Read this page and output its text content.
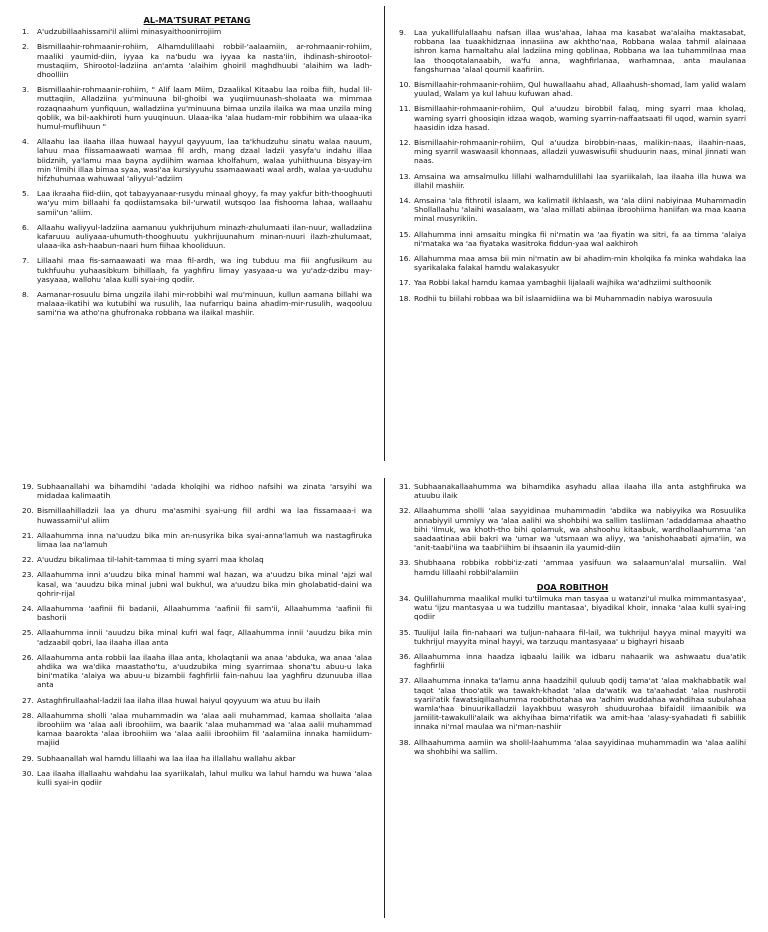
AL-MA'TSURAT PETANG
1.	A'udzubillaahissami'il aliimi minasyaithoonirrojiim
2.	Bismillaahir-rohmaanir-rohiim, Alhamdulillaahi robbil-'aalaamiin, ar-rohmaanir-rohiim, maaliki yaumid-diin, iyyaa ka na'budu wa iyyaa ka nasta'iin, ihdinash-shirootol-mustaqiim, Shirootol-ladziina an'amta 'alaihim ghoiril maghdhuubi 'alaihim wa ladh-dhoolliin
3.	Bismillaahir-rohmaanir-rohiim, " Alif laam Miim, Dzaalikal Kitaabu laa roiba fiih, hudal lil-muttaqiin, Alladziina yu'minuuna bil-ghoibi wa yuqiimuunash-sholaata wa mimmaa rozaqnaahum yunfiquun, walladziina yu'minuuna bimaa unzila ilaika wa maa unzila ming qoblik, wa bil-aakhiroti hum yuuqinuun. Ulaaa-ika 'alaa hudam-mir robbihim wa ulaaa-ika humul-muflihuun "
4.	Allaahu laa ilaaha illaa huwaal hayyul qayyuum, laa ta'khudzuhu sinatu walaa nauum, lahuu maa fiissamaawaati wamaa fil ardh, mang dzaal ladzii yasyfa'u indahu illaa biidznih, ya'lamu maa bayna aydiihim wamaa kholfahum, walaa yuhiithuuna bisyay-im min 'ilmihi illaa bimaa syaa, wasi'aa kursiyyuhu ssamaawaati waal ardh, walaa ya-uuduhu hifzhuhumaa wahuwaal 'aliyyul-'adziim
5.	Laa ikraaha fiid-diin, qot tabayyanaar-rusydu minaal ghoyy, fa may yakfur bith-thooghuuti wa'yu mim billaahi fa qodiistamsaka bil-'urwatil wutsqoo laa fishooma lahaa, wallaahu samii'un 'aliim.
6.	Allaahu waliyyul-ladziina aamanuu yukhrijuhum minazh-zhulumaati ilan-nuur, walladziina kafaruuu auliyaaa-uhumuth-thooghuutu yukhrijuunahum minan-nuuri ilazh-zhulumaat, ulaaa-ika ash-haabun-naari hum fiihaa khooliduun.
7.	Lillaahi maa fis-samaawaati wa maa fil-ardh, wa ing tubduu ma fiii angfusikum au tukhfuuhu yuhaasibkum bihillaah, fa yaghfiru limay yasyaaa-u wa yu'adz-dzibu may-yasyaaa, wallohu 'alaa kulli syai-ing qodiir.
8.	Aamanar-rosuulu bima ungzila ilahi mir-robbihi wal mu'minuun, kullun aamana billahi wa malaaa-ikatihi wa kutubihi wa rusulih, laa nufarriqu baina ahadim-mir-rusulih, waqooluu sami'na wa atho'na ghufronaka robbana wa ilaikal mashiir.
9.	Laa yukallifulallaahu nafsan illaa wus'ahaa, lahaa ma kasabat wa'alaiha maktasabat, robbana laa tuaakhidznaa innasiina aw akhtho'naa, Robbana walaa tahmil alainaaa ishron kama hamaltahu alal ladziina ming qoblinaa, Robbana wa laa tuhammilnaa maa laa thooqotalanaabih, wa'fu anna, waghfirlanaa, warhamnaa, anta maulanaa fangshurnaa 'alaal qoumil kaafiriin.
10. Bismillaahir-rohmaanir-rohiim, Qul huwallaahu ahad, Allaahush-shomad, lam yalid walam yuulad, Walam ya kul lahuu kufuwan ahad.
11. Bismillaahir-rohmaanir-rohiim, Qul a'uudzu birobbil falaq, ming syarri maa kholaq, waming syarri ghoosiqin idzaa waqob, waming syarrin-naffaatsaati fil uqod, wamin syarri haasidin idza hasad.
12. Bismillaahir-rohmaanir-rohiim, Qul a'uudza birobbin-naas, malikin-naas, ilaahin-naas, ming syarril waswaasil khonnaas, alladzii yuwaswisufii shuduurin naas, minal jinnati wan naas.
13. Amsaina wa amsalmulku lillahi walhamdulillahi laa syariikalah, laa ilaaha illa huwa wa illahil mashiir.
14. Amsaina 'ala fithrotil islaam, wa kalimatil ikhlaash, wa 'ala diini nabiyinaa Muhammadin Shollallaahu 'alaihi wasalaam, wa 'alaa millati abiinaa ibroohiima haniifan wa maa kaana minal musyrikiin.
15. Allahumma inni amsaitu mingka fii ni'matin wa 'aa fiyatin wa sitri, fa aa timma 'alaiya ni'mataka wa 'aa fiyataka wasitroka fiddun-yaa wal aakhiroh
16. Allahumma maa amsa bii min ni'matin aw bi ahadim-min kholqika fa minka wahdaka laa syarikalaka falakal hamdu walakasyukr
17. Yaa Robbi lakal hamdu kamaa yambaghii lijalaali wajhika wa'adhziimi sulthoonik
18. Rodhii tu biilahi robbaa wa bil islaamidiina wa bi Muhammadin nabiya warosuula
19. Subhaanallahi wa bihamdihi 'adada kholqihi wa ridhoo nafsihi wa zinata 'arsyihi wa midadaa kalimaatih
20. Bismillaahilladzii laa ya dhuru ma'asmihi syai-ung fiil ardhi wa laa fissamaaa-i wa huwassamii'ul aliim
21. Allaahumma inna na'uudzu bika min an-nusyrika bika syai-anna'lamuh wa nastagfiruka limaa laa na'lamuh
22. A'uudzu bikalimaa til-lahit-tammaa ti ming syarri maa kholaq
23. Allaahumma inni a'uudzu bika minal hammi wal hazan, wa a'uudzu bika minal 'ajzi wal kasal, wa 'auudzu bika minal jubni wal bukhul, wa a'uudzu bika min gholabatid-daini wa qohrir-rijal
24. Allaahumma 'aafinii fii badanii, Allaahumma 'aafinii fii sam'ii, Allaahumma 'aafinii fii bashorii
25. Allaahumma innii 'auudzu bika minal kufri wal faqr, Allaahumma innii 'auudzu bika min 'adzaabil qobri, laa ilaaha illaa anta
26. Allaahumma anta robbii laa ilaaha illaa anta, kholaqtanii wa anaa 'abduka, wa anaa 'alaa ahdika wa wa'dika maastatho'tu, a'uudzubika ming syarrimaa shona'tu abuu-u laka bini'matika 'alaiya wa abuu-u bizambii faghfirlii fain-nahuu laa yaghfiru dzunuuba illaa anta
27. Astaghfirullaahal-ladzii laa ilaha illaa huwal haiyul qoyyuum wa atuu bu ilaih
28. Allaahumma sholli 'alaa muhammadin wa 'alaa aali muhammad, kamaa shollaita 'alaa ibroohiim wa 'alaa aali ibroohiim, wa baarik 'alaa muhammad wa 'alaa aalii muhammad kamaa baarokta 'alaa ibroohiim wa 'alaa aalii ibroohiim fil 'aalamiina innaka hamiidum-majiid
29. Subhaanallah wal hamdu lillaahi wa laa ilaa ha illallahu wallahu akbar
30. Laa ilaaha illallaahu wahdahu laa syariikalah, lahul mulku wa lahul hamdu wa huwa 'alaa kulli syai-in qodiir
31. Subhaanakallaahumma wa bihamdika asyhadu allaa ilaaha illa anta astghfiruka wa atuubu ilaik
32. Allaahumma sholli 'alaa sayyidinaa muhammadin 'abdika wa nabiyyika wa Rosuulika annabiyyil ummiyy wa 'alaa aalihi wa shohbihi wa sallim tasliiman 'adaddamaa ahaatho bihi 'ilmuk, wa khoth-tho bihi qolamuk, wa ahshoohu kitaabuk, wardhollaahumma 'an saadaatinaa abii bakri wa 'umar wa 'utsmaan wa aliyy, wa 'anishohaabati ajma'iin, wa 'anit-taabi'iina wa taabi'iihim bi ihsaanin ila yaumid-diin
33. Shubhaana robbika robbi'iz-zati 'ammaa yasifuun wa salaamun'alal mursaliin. Wal hamdu lillaahi robbil'alamiin
DOA ROBITHOH
34. Qulillahumma maalikal mulki tu'tilmuka man tasyaa u watanzi'ul mulka mimmantasyaa', watu 'ijzu mantasyaa u wa tudzillu mantasaa', biyadikal khoir, innaka 'alaa kulli syai-ing qodiir
35. Tuulijul laila fin-nahaari wa tuljun-nahaara fil-lail, wa tukhrijul hayya minal mayyiti wa tukhrijul mayyita minal hayyi, wa tarzuqu mantasyaaa' u bighayri hisaab
36. Allaahumma inna haadza iqbaalu lailik wa idbaru nahaarik wa ashwaatu dua'atik faghfirlii
37. Allaahumma innaka ta'lamu anna haadzihil quluub qodij tama'at 'alaa makhabbatik wal taqot 'alaa thoo'atik wa tawakh-khadat 'alaa da'watik wa ta'aahadat 'alaa nushrotii syarii'atik fawatsiqillaahumma roobithotahaa wa 'adhim wuddahaa wahdihaa subulahaa wamla'haa binuurikalladzii layakhbuu wasyroh shuduurohaa bifaidil iimaanibik wa jamiilit-tawakulli'alaik wa akhyihaa bima'rifatik wa amit-haa 'alasy-syahadati fi sabiilik innaka ni'mal maulaa wa ni'man-nashiir
38. Allhaahumma aamiin wa sholil-laahumma 'alaa sayyidinaa muhammadin wa 'alaa aalihi wa shohbihi wa sallim.
